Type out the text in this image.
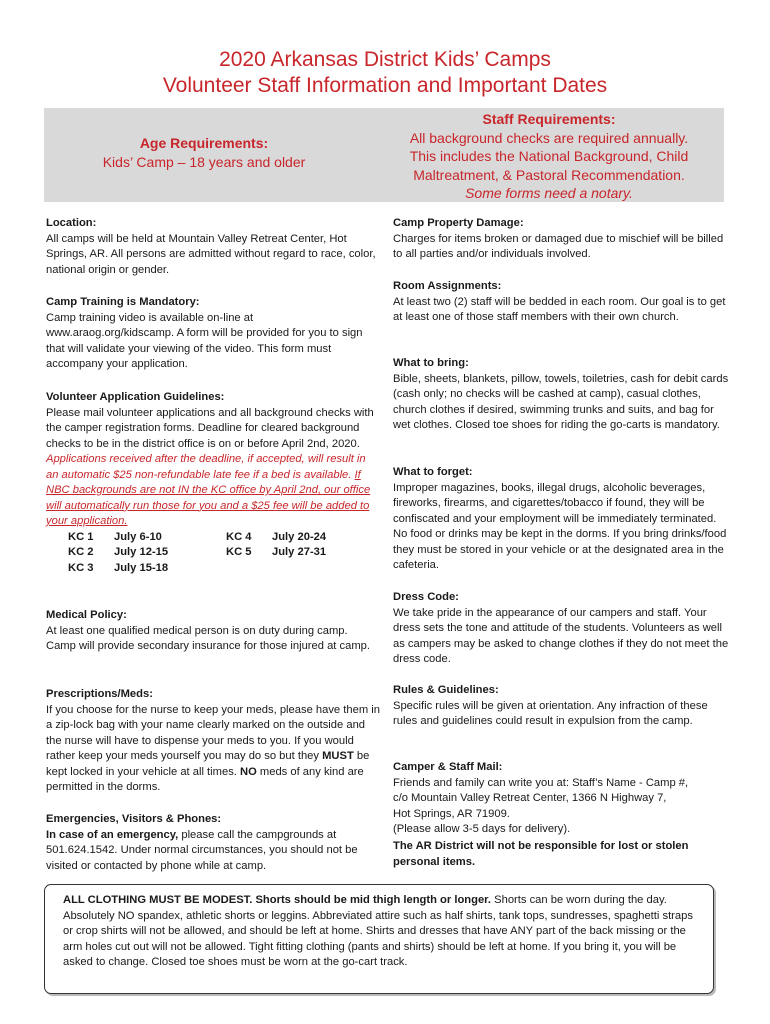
2020 Arkansas District Kids’ Camps
Volunteer Staff Information and Important Dates
Age Requirements:
Kids’ Camp – 18 years and older
Staff Requirements:
All background checks are required annually.
This includes the National Background, Child
Maltreatment, & Pastoral Recommendation.
Some forms need a notary.
Location:
All camps will be held at Mountain Valley Retreat Center, Hot Springs, AR. All persons are admitted without regard to race, color, national origin or gender.
Camp Training is Mandatory:
Camp training video is available on-line at www.araog.org/kidscamp. A form will be provided for you to sign that will validate your viewing of the video. This form must accompany your application.
Volunteer Application Guidelines:
Please mail volunteer applications and all background checks with the camper registration forms. Deadline for cleared background checks to be in the district office is on or before April 2nd, 2020. Applications received after the deadline, if accepted, will result in an automatic $25 non-refundable late fee if a bed is available. If NBC backgrounds are not IN the KC office by April 2nd, our office will automatically run those for you and a $25 fee will be added to your application.
KC 1	July 6-10	KC 4	July 20-24
KC 2	July 12-15	KC 5	July 27-31
KC 3	July 15-18
Medical Policy:
At least one qualified medical person is on duty during camp. Camp will provide secondary insurance for those injured at camp.
Prescriptions/Meds:
If you choose for the nurse to keep your meds, please have them in a zip-lock bag with your name clearly marked on the outside and the nurse will have to dispense your meds to you. If you would rather keep your meds yourself you may do so but they MUST be kept locked in your vehicle at all times. NO meds of any kind are permitted in the dorms.
Emergencies, Visitors & Phones:
In case of an emergency, please call the campgrounds at 501.624.1542. Under normal circumstances, you should not be visited or contacted by phone while at camp.
Camp Property Damage:
Charges for items broken or damaged due to mischief will be billed to all parties and/or individuals involved.
Room Assignments:
At least two (2) staff will be bedded in each room. Our goal is to get at least one of those staff members with their own church.
What to bring:
Bible, sheets, blankets, pillow, towels, toiletries, cash for debit cards (cash only; no checks will be cashed at camp), casual clothes, church clothes if desired, swimming trunks and suits, and bag for wet clothes. Closed toe shoes for riding the go-carts is mandatory.
What to forget:
Improper magazines, books, illegal drugs, alcoholic beverages, fireworks, firearms, and cigarettes/tobacco if found, they will be confiscated and your employment will be immediately terminated. No food or drinks may be kept in the dorms. If you bring drinks/food they must be stored in your vehicle or at the designated area in the cafeteria.
Dress Code:
We take pride in the appearance of our campers and staff. Your dress sets the tone and attitude of the students. Volunteers as well as campers may be asked to change clothes if they do not meet the dress code.
Rules & Guidelines:
Specific rules will be given at orientation. Any infraction of these rules and guidelines could result in expulsion from the camp.
Camper & Staff Mail:
Friends and family can write you at: Staff’s Name - Camp #,
c/o Mountain Valley Retreat Center, 1366 N Highway 7,
Hot Springs, AR 71909.
(Please allow 3-5 days for delivery).
The AR District will not be responsible for lost or stolen personal items.
ALL CLOTHING MUST BE MODEST. Shorts should be mid thigh length or longer. Shorts can be worn during the day. Absolutely NO spandex, athletic shorts or leggins. Abbreviated attire such as half shirts, tank tops, sundresses, spaghetti straps or crop shirts will not be allowed, and should be left at home. Shirts and dresses that have ANY part of the back missing or the arm holes cut out will not be allowed. Tight fitting clothing (pants and shirts) should be left at home. If you bring it, you will be asked to change. Closed toe shoes must be worn at the go-cart track.
